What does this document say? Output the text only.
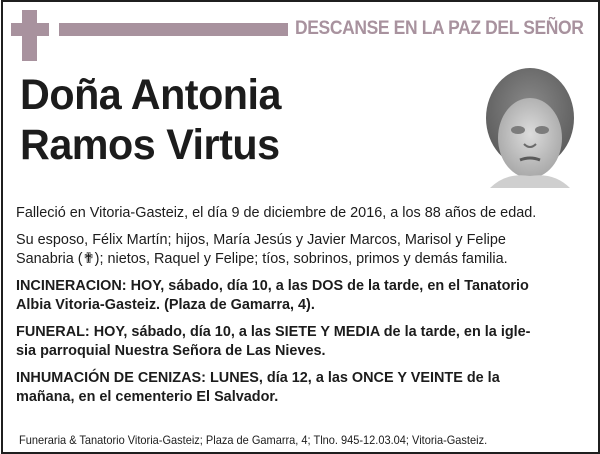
DESCANSE EN LA PAZ DEL SEÑOR
Doña Antonia
Ramos Virtus
Falleció en Vitoria-Gasteiz, el día 9 de diciembre de 2016, a los 88 años de edad.
Su esposo, Félix Martín; hijos, María Jesús y Javier Marcos, Marisol y Felipe
Sanabria (✟); nietos, Raquel y Felipe; tíos, sobrinos, primos y demás familia.
INCINERACION: HOY, sábado, día 10, a las DOS de la tarde, en el Tanatorio
Albia Vitoria-Gasteiz. (Plaza de Gamarra, 4).
FUNERAL: HOY, sábado, día 10, a las SIETE Y MEDIA de la tarde, en la igle-
sia parroquial Nuestra Señora de Las Nieves.
INHUMACIÓN DE CENIZAS: LUNES, día 12, a las ONCE Y VEINTE de la
mañana, en el cementerio El Salvador.
Funeraria & Tanatorio Vitoria-Gasteiz; Plaza de Gamarra, 4; Tlno. 945-12.03.04; Vitoria-Gasteiz.
